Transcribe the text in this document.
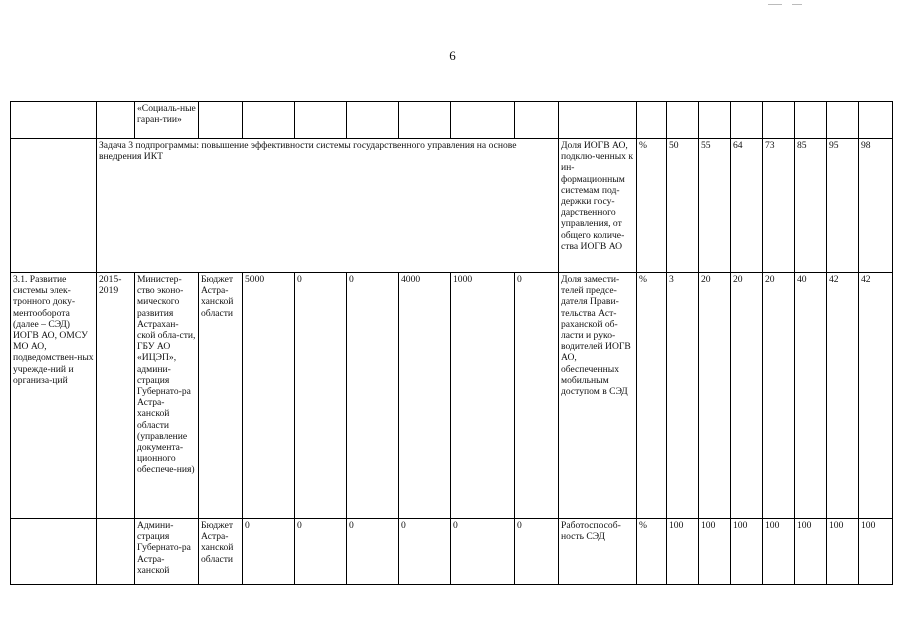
6
		«Социаль-ные гаран-тии»																
	Задача 3 подпрограммы: повышение эффективности системы государственного управления на основе внедрения ИКТ									Доля ИОГВ АО, подклю-ченных к ин-формационным системам под-держки госу-дарственного управления, от общего количе-ства ИОГВ АО	%	50	55	64	73	85	95	98
3.1. Развитие системы элек-тронного доку-ментооборота (далее – СЭД) ИОГВ АО, ОМСУ МО АО, подведомствен-ных учрежде-ний и организа-ций	2015-2019	Министер-ство эконо-мического развития Астрахан-ской обла-сти, ГБУ АО «ИЦЭП», админи-страция Губернато-ра Астра-ханской области (управление документа-ционного обеспече-ния)	Бюджет Астра-ханской области	5000	0	0	4000	1000	0	Доля замести-телей предсе-дателя Прави-тельства Аст-раханской об-ласти и руко-водителей ИОГВ АО, обеспеченных мобильным доступом в СЭД	%	3	20	20	20	40	42	42
		Админи-страция Губернато-ра Астра-ханской	Бюджет Астра-ханской области	0	0	0	0	0	0	Работоспособ-ность СЭД	%	100	100	100	100	100	100	100
